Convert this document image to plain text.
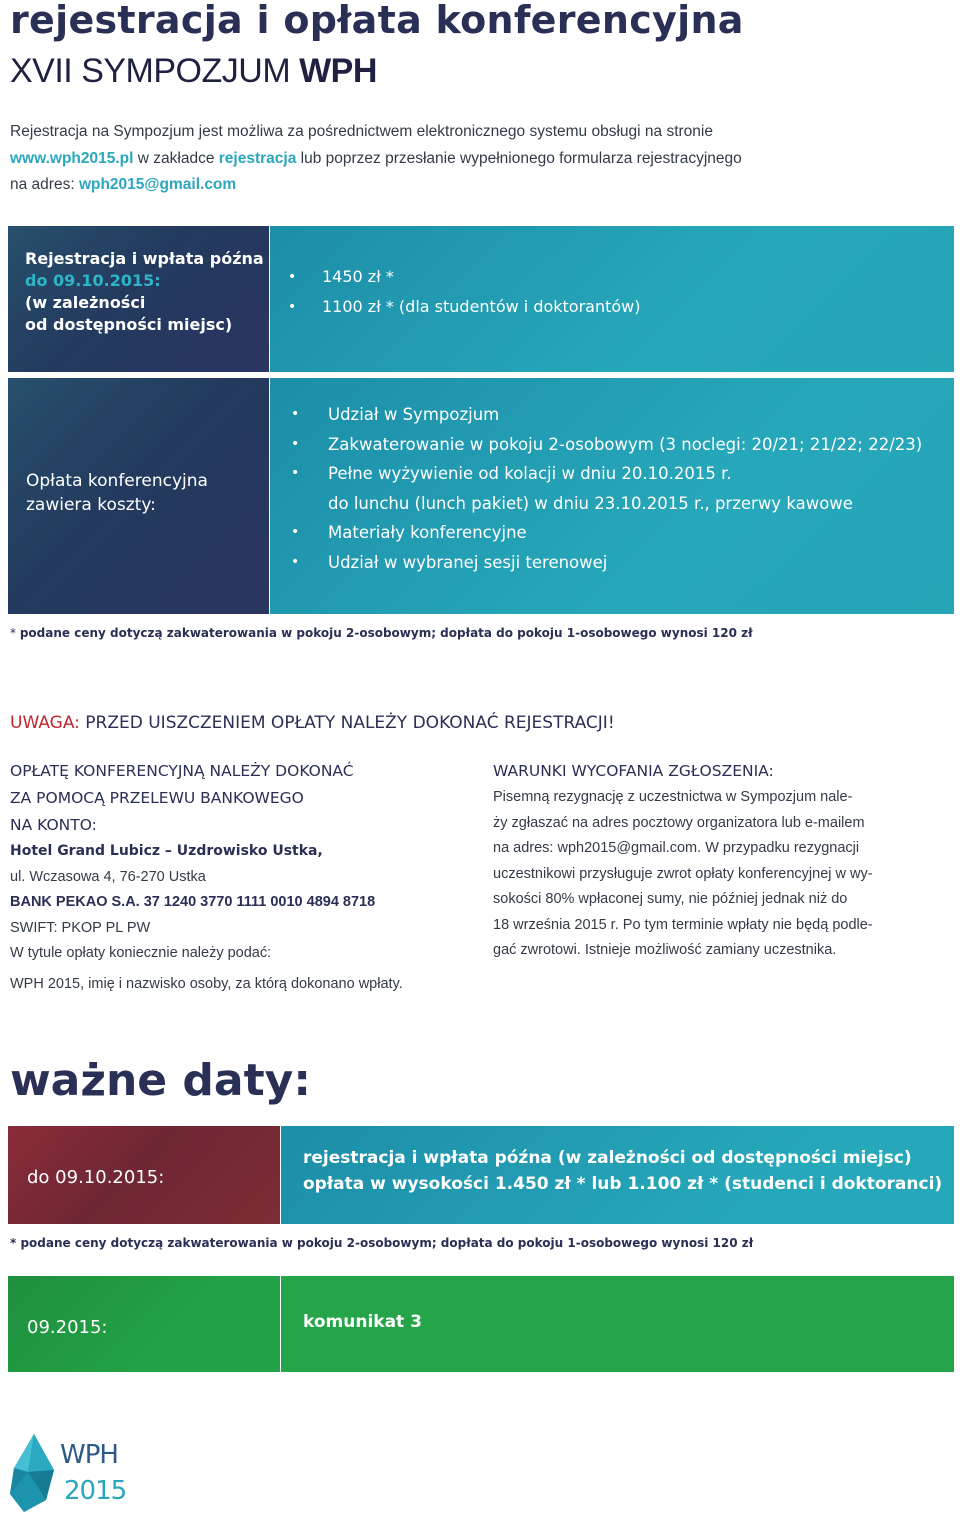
rejestracja i opłata konferencyjna
XVII SYMPOZJUM WPH
Rejestracja na Sympozjum jest możliwa za pośrednictwem elektronicznego systemu obsługi na stronie
www.wph2015.pl w zakładce rejestracja lub poprzez przesłanie wypełnionego formularza rejestracyjnego
na adres: wph2015@gmail.com
Rejestracja i wpłata późna
do 09.10.2015:
(w zależności
od dostępności miejsc)
• 1450 zł *
• 1100 zł * (dla studentów i doktorantów)
Opłata konferencyjna
zawiera koszty:
• Udział w Sympozjum
• Zakwaterowanie w pokoju 2-osobowym (3 noclegi: 20/21; 21/22; 22/23)
• Pełne wyżywienie od kolacji w dniu 20.10.2015 r.
do lunchu (lunch pakiet) w dniu 23.10.2015 r., przerwy kawowe
• Materiały konferencyjne
• Udział w wybranej sesji terenowej
* podane ceny dotyczą zakwaterowania w pokoju 2-osobowym; dopłata do pokoju 1-osobowego wynosi 120 zł
UWAGA: PRZED UISZCZENIEM OPŁATY NALEŻY DOKONAĆ REJESTRACJI!
OPŁATĘ KONFERENCYJNĄ NALEŻY DOKONAĆ
ZA POMOCĄ PRZELEWU BANKOWEGO
NA KONTO:
Hotel Grand Lubicz – Uzdrowisko Ustka,
ul. Wczasowa 4, 76-270 Ustka
BANK PEKAO S.A. 37 1240 3770 1111 0010 4894 8718
SWIFT: PKOP PL PW
W tytule opłaty koniecznie należy podać:
WPH 2015, imię i nazwisko osoby, za którą dokonano wpłaty.
WARUNKI WYCOFANIA ZGŁOSZENIA:
Pisemną rezygnację z uczestnictwa w Sympozjum nale-
ży zgłaszać na adres pocztowy organizatora lub e-mailem
na adres: wph2015@gmail.com. W przypadku rezygnacji
uczestnikowi przysługuje zwrot opłaty konferencyjnej w wy-
sokości 80% wpłaconej sumy, nie później jednak niż do
18 września 2015 r. Po tym terminie wpłaty nie będą podle-
gać zwrotowi. Istnieje możliwość zamiany uczestnika.
ważne daty:
do 09.10.2015:
rejestracja i wpłata późna (w zależności od dostępności miejsc)
opłata w wysokości 1.450 zł * lub 1.100 zł * (studenci i doktoranci)
* podane ceny dotyczą zakwaterowania w pokoju 2-osobowym; dopłata do pokoju 1-osobowego wynosi 120 zł
09.2015:	komunikat 3
WPH
2015
